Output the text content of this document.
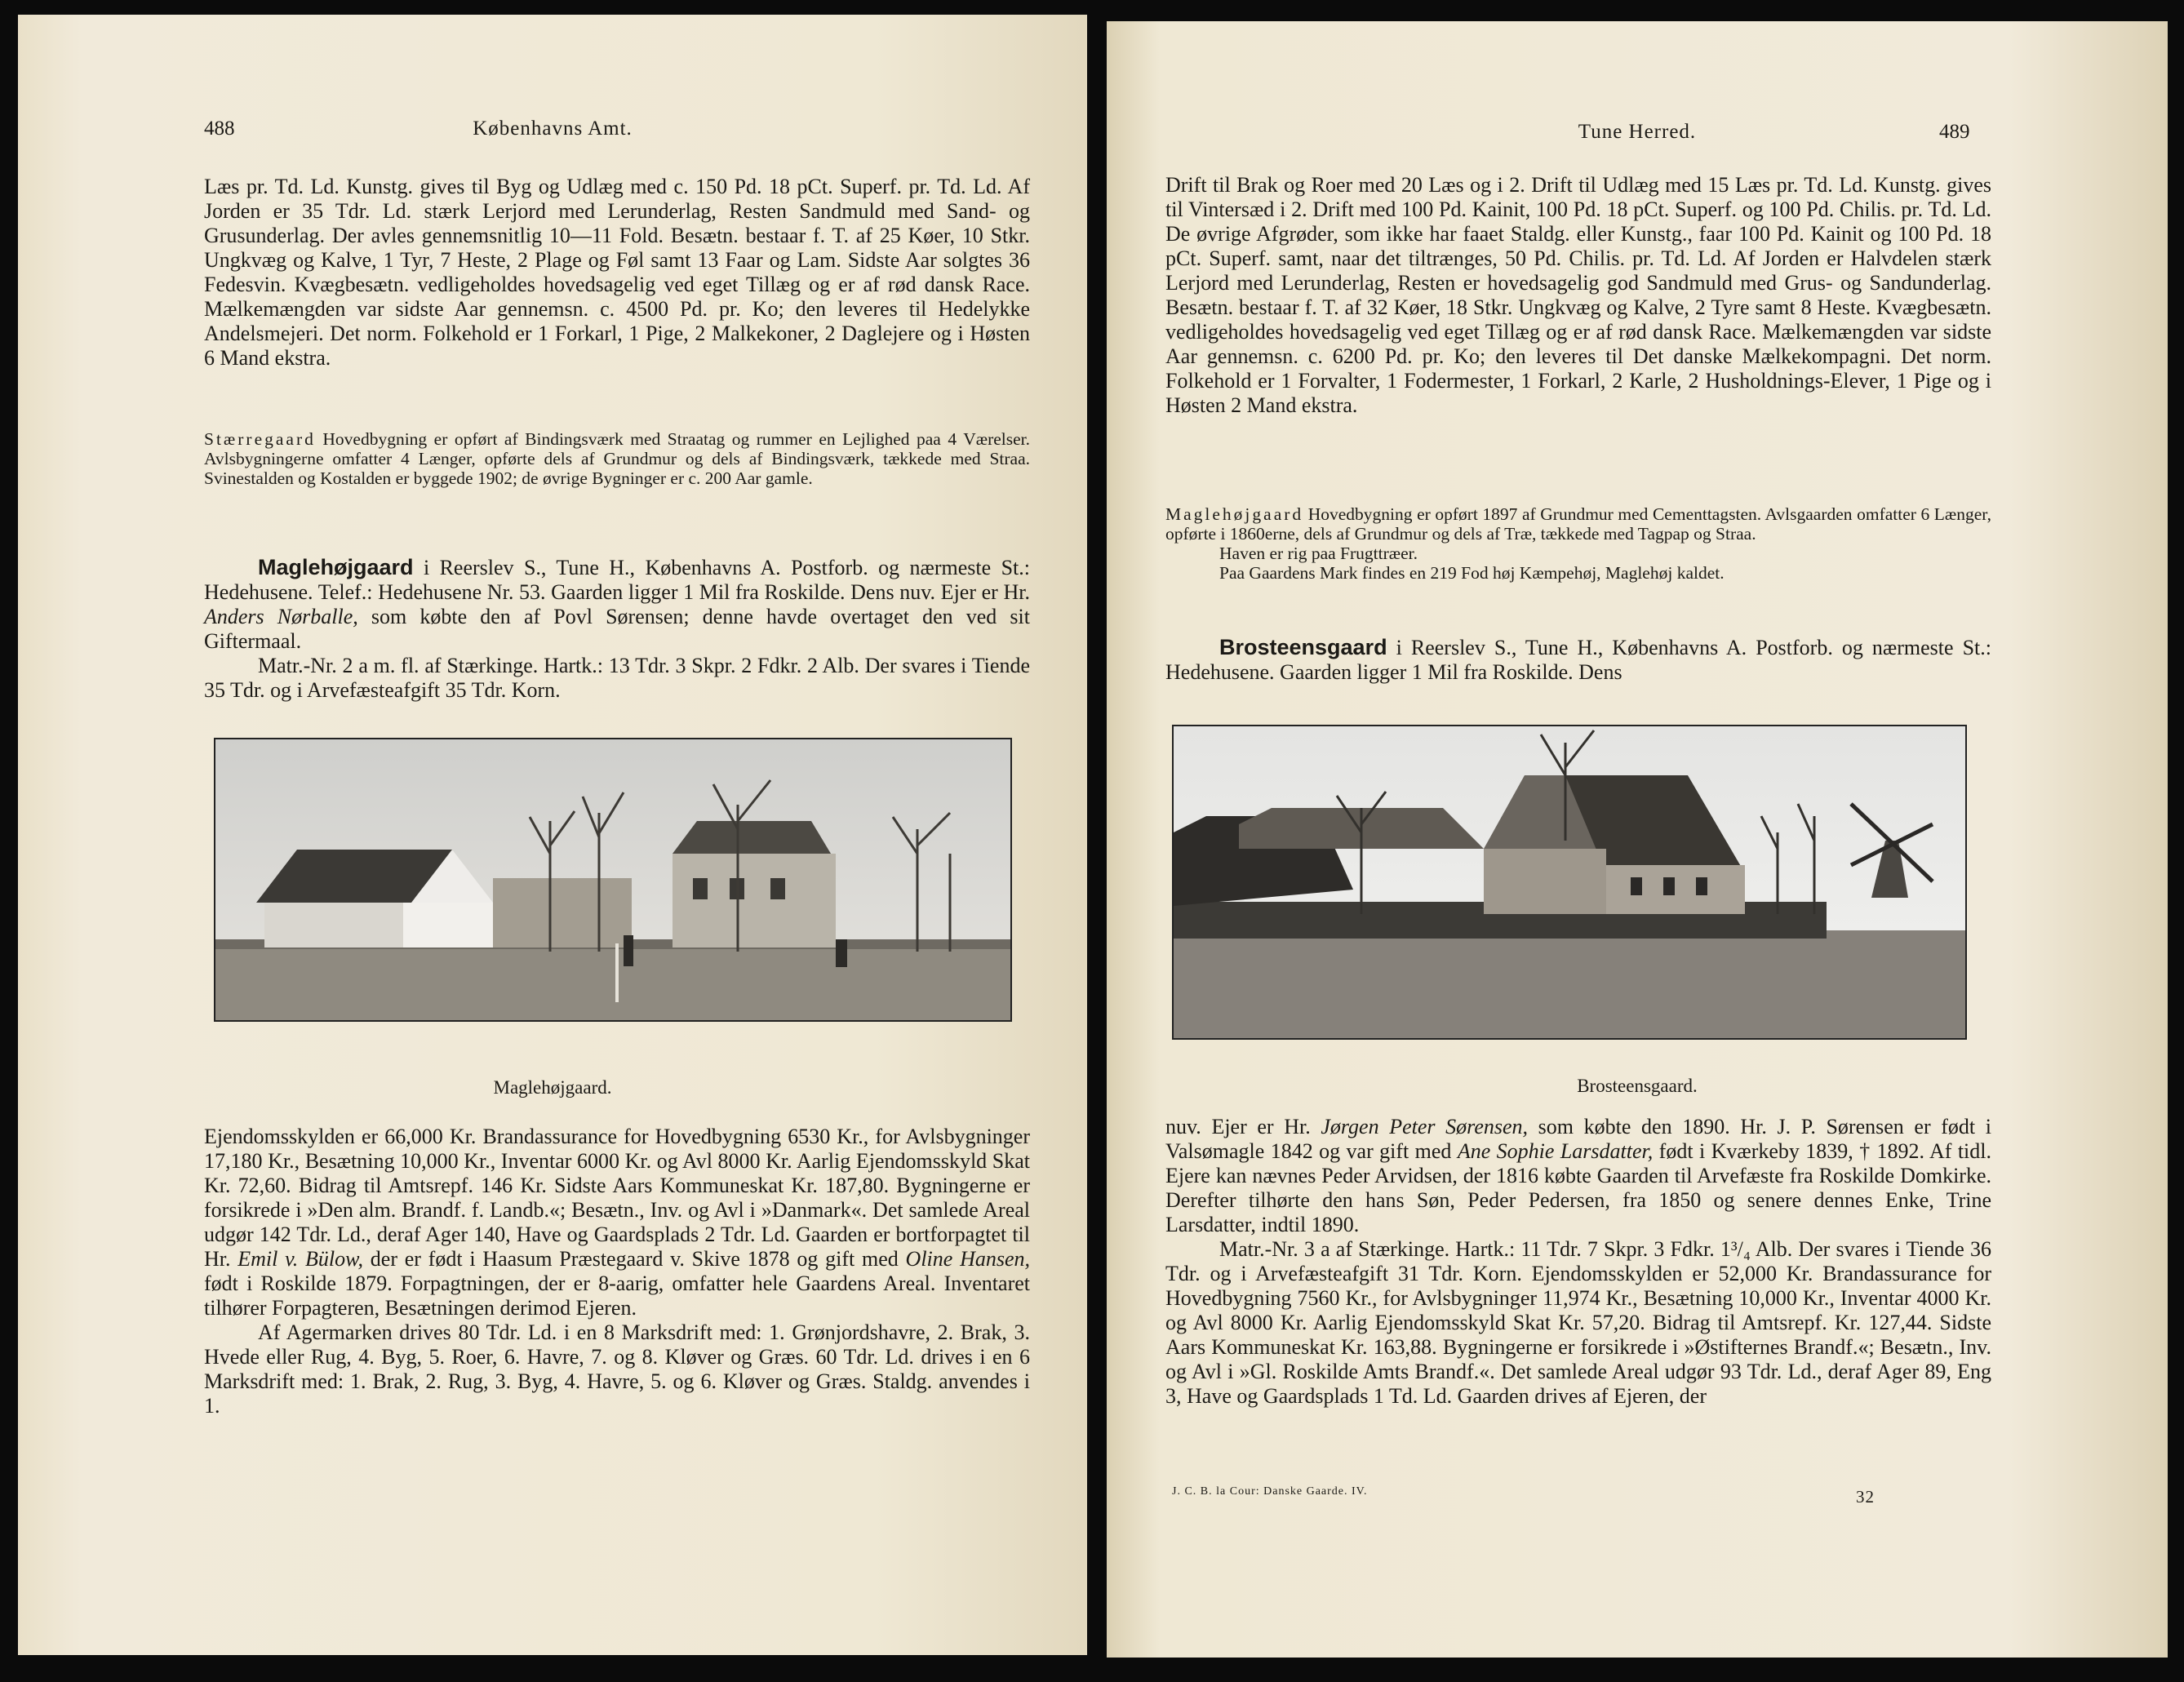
488	Københavns Amt.

Læs pr. Td. Ld. Kunstg. gives til Byg og Udlæg med c. 150 Pd. 18 pCt. Superf. pr. Td. Ld. Af Jorden er 35 Tdr. Ld. stærk Lerjord med Lerunderlag, Resten Sandmuld med Sand- og Grusunderlag. Der avles gennemsnitlig 10—11 Fold. Besætn. bestaar f. T. af 25 Køer, 10 Stkr. Ungkvæg og Kalve, 1 Tyr, 7 Heste, 2 Plage og Føl samt 13 Faar og Lam. Sidste Aar solgtes 36 Fedesvin. Kvægbesætn. vedligeholdes hovedsagelig ved eget Tillæg og er af rød dansk Race. Mælkemængden var sidste Aar gennemsn. c. 4500 Pd. pr. Ko; den leveres til Hedelykke Andelsmejeri. Det norm. Folkehold er 1 Forkarl, 1 Pige, 2 Malkekoner, 2 Daglejere og i Høsten 6 Mand ekstra.

Stærregaard Hovedbygning er opført af Bindingsværk med Straatag og rummer en Lejlighed paa 4 Værelser. Avlsbygningerne omfatter 4 Længer, opførte dels af Grundmur og dels af Bindingsværk, tækkede med Straa. Svinestalden og Kostalden er byggede 1902; de øvrige Bygninger er c. 200 Aar gamle.

Maglehøjgaard i Reerslev S., Tune H., Københavns A. Postforb. og nærmeste St.: Hedehusene. Telef.: Hedehusene Nr. 53. Gaarden ligger 1 Mil fra Roskilde. Dens nuv. Ejer er Hr. Anders Nørballe, som købte den af Povl Sørensen; denne havde overtaget den ved sit Giftermaal.

Matr.-Nr. 2 a m. fl. af Stærkinge. Hartk.: 13 Tdr. 3 Skpr. 2 Fdkr. 2 Alb. Der svares i Tiende 35 Tdr. og i Arvefæsteafgift 35 Tdr. Korn.

Maglehøjgaard.

Ejendomsskylden er 66,000 Kr. Brandassurance for Hovedbygning 6530 Kr., for Avlsbygninger 17,180 Kr., Besætning 10,000 Kr., Inventar 6000 Kr. og Avl 8000 Kr. Aarlig Ejendomsskyld Skat Kr. 72,60. Bidrag til Amtsrepf. 146 Kr. Sidste Aars Kommuneskat Kr. 187,80. Bygningerne er forsikrede i »Den alm. Brandf. f. Landb.«; Besætn., Inv. og Avl i »Danmark«. Det samlede Areal udgør 142 Tdr. Ld., deraf Ager 140, Have og Gaardsplads 2 Tdr. Ld. Gaarden er bortforpagtet til Hr. Emil v. Bülow, der er født i Haasum Præstegaard v. Skive 1878 og gift med Oline Hansen, født i Roskilde 1879. Forpagtningen, der er 8-aarig, omfatter hele Gaardens Areal. Inventaret tilhører Forpagteren, Besætningen derimod Ejeren.

Af Agermarken drives 80 Tdr. Ld. i en 8 Marksdrift med: 1. Grønjordshavre, 2. Brak, 3. Hvede eller Rug, 4. Byg, 5. Roer, 6. Havre, 7. og 8. Kløver og Græs. 60 Tdr. Ld. drives i en 6 Marksdrift med: 1. Brak, 2. Rug, 3. Byg, 4. Havre, 5. og 6. Kløver og Græs. Staldg. anvendes i 1.

Tune Herred.	489

Drift til Brak og Roer med 20 Læs og i 2. Drift til Udlæg med 15 Læs pr. Td. Ld. Kunstg. gives til Vintersæd i 2. Drift med 100 Pd. Kainit, 100 Pd. 18 pCt. Superf. og 100 Pd. Chilis. pr. Td. Ld. De øvrige Afgrøder, som ikke har faaet Staldg. eller Kunstg., faar 100 Pd. Kainit og 100 Pd. 18 pCt. Superf. samt, naar det tiltrænges, 50 Pd. Chilis. pr. Td. Ld. Af Jorden er Halvdelen stærk Lerjord med Lerunderlag, Resten er hovedsagelig god Sandmuld med Grus- og Sandunderlag. Besætn. bestaar f. T. af 32 Køer, 18 Stkr. Ungkvæg og Kalve, 2 Tyre samt 8 Heste. Kvægbesætn. vedligeholdes hovedsagelig ved eget Tillæg og er af rød dansk Race. Mælkemængden var sidste Aar gennemsn. c. 6200 Pd. pr. Ko; den leveres til Det danske Mælkekompagni. Det norm. Folkehold er 1 Forvalter, 1 Fodermester, 1 Forkarl, 2 Karle, 2 Husholdnings-Elever, 1 Pige og i Høsten 2 Mand ekstra.

Maglehøjgaard Hovedbygning er opført 1897 af Grundmur med Cementtagsten. Avlsgaarden omfatter 6 Længer, opførte i 1860erne, dels af Grundmur og dels af Træ, tækkede med Tagpap og Straa.

Haven er rig paa Frugttræer.

Paa Gaardens Mark findes en 219 Fod høj Kæmpehøj, Maglehøj kaldet.

Brosteensgaard i Reerslev S., Tune H., Københavns A. Postforb. og nærmeste St.: Hedehusene. Gaarden ligger 1 Mil fra Roskilde. Dens

Brosteensgaard.

nuv. Ejer er Hr. Jørgen Peter Sørensen, som købte den 1890. Hr. J. P. Sørensen er født i Valsømagle 1842 og var gift med Ane Sophie Larsdatter, født i Kværkeby 1839, † 1892. Af tidl. Ejere kan nævnes Peder Arvidsen, der 1816 købte Gaarden til Arvefæste fra Roskilde Domkirke. Derefter tilhørte den hans Søn, Peder Pedersen, fra 1850 og senere dennes Enke, Trine Larsdatter, indtil 1890.

Matr.-Nr. 3 a af Stærkinge. Hartk.: 11 Tdr. 7 Skpr. 3 Fdkr. 1³/₄ Alb. Der svares i Tiende 36 Tdr. og i Arvefæsteafgift 31 Tdr. Korn. Ejendomsskylden er 52,000 Kr. Brandassurance for Hovedbygning 7560 Kr., for Avlsbygninger 11,974 Kr., Besætning 10,000 Kr., Inventar 4000 Kr. og Avl 8000 Kr. Aarlig Ejendomsskyld Skat Kr. 57,20. Bidrag til Amtsrepf. Kr. 127,44. Sidste Aars Kommuneskat Kr. 163,88. Bygningerne er forsikrede i »Østifternes Brandf.«; Besætn., Inv. og Avl i »Gl. Roskilde Amts Brandf.«. Det samlede Areal udgør 93 Tdr. Ld., deraf Ager 89, Eng 3, Have og Gaardsplads 1 Td. Ld. Gaarden drives af Ejeren, der

J. C. B. la Cour: Danske Gaarde. IV.	32
